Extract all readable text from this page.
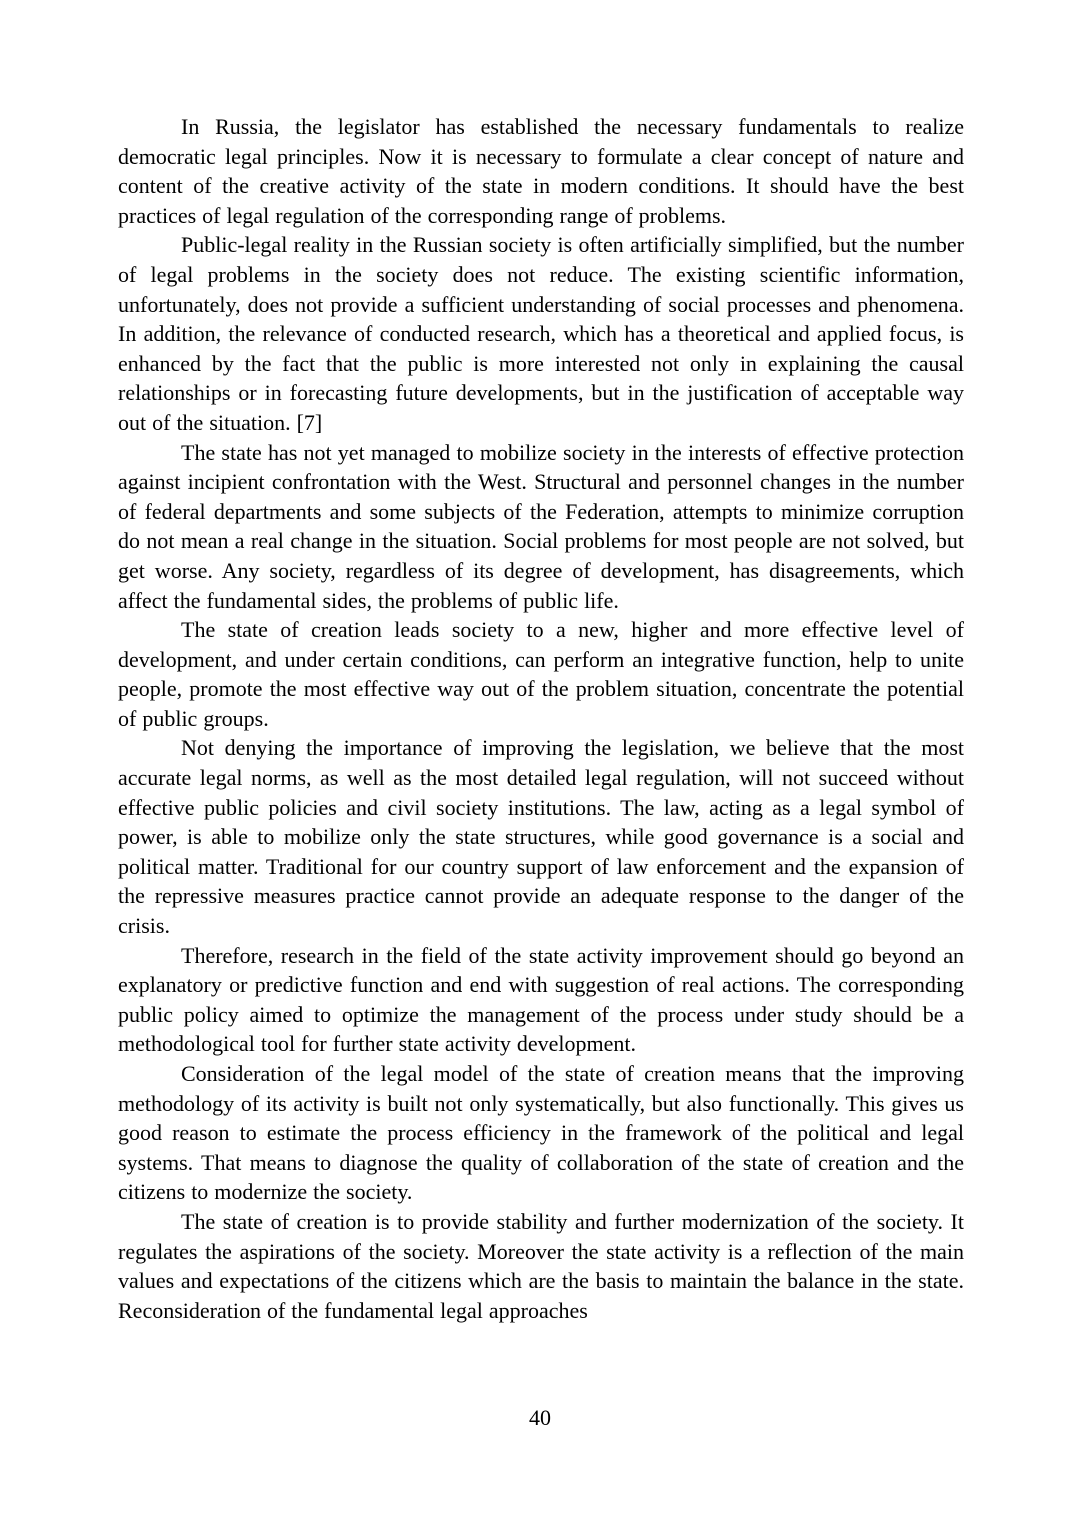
In Russia, the legislator has established the necessary fundamentals to realize democratic legal principles. Now it is necessary to formulate a clear concept of nature and content of the creative activity of the state in modern conditions. It should have the best practices of legal regulation of the corresponding range of problems.

Public-legal reality in the Russian society is often artificially simplified, but the number of legal problems in the society does not reduce. The existing scientific information, unfortunately, does not provide a sufficient understanding of social processes and phenomena. In addition, the relevance of conducted research, which has a theoretical and applied focus, is enhanced by the fact that the public is more interested not only in explaining the causal relationships or in forecasting future developments, but in the justification of acceptable way out of the situation. [7]

The state has not yet managed to mobilize society in the interests of effective protection against incipient confrontation with the West. Structural and personnel changes in the number of federal departments and some subjects of the Federation, attempts to minimize corruption do not mean a real change in the situation. Social problems for most people are not solved, but get worse. Any society, regardless of its degree of development, has disagreements, which affect the fundamental sides, the problems of public life.

The state of creation leads society to a new, higher and more effective level of development, and under certain conditions, can perform an integrative function, help to unite people, promote the most effective way out of the problem situation, concentrate the potential of public groups.

Not denying the importance of improving the legislation, we believe that the most accurate legal norms, as well as the most detailed legal regulation, will not succeed without effective public policies and civil society institutions. The law, acting as a legal symbol of power, is able to mobilize only the state structures, while good governance is a social and political matter. Traditional for our country support of law enforcement and the expansion of the repressive measures practice cannot provide an adequate response to the danger of the crisis.

Therefore, research in the field of the state activity improvement should go beyond an explanatory or predictive function and end with suggestion of real actions. The corresponding public policy aimed to optimize the management of the process under study should be a methodological tool for further state activity development.

Consideration of the legal model of the state of creation means that the improving methodology of its activity is built not only systematically, but also functionally. This gives us good reason to estimate the process efficiency in the framework of the political and legal systems. That means to diagnose the quality of collaboration of the state of creation and the citizens to modernize the society.

The state of creation is to provide stability and further modernization of the society. It regulates the aspirations of the society. Moreover the state activity is a reflection of the main values and expectations of the citizens which are the basis to maintain the balance in the state. Reconsideration of the fundamental legal approaches

40
